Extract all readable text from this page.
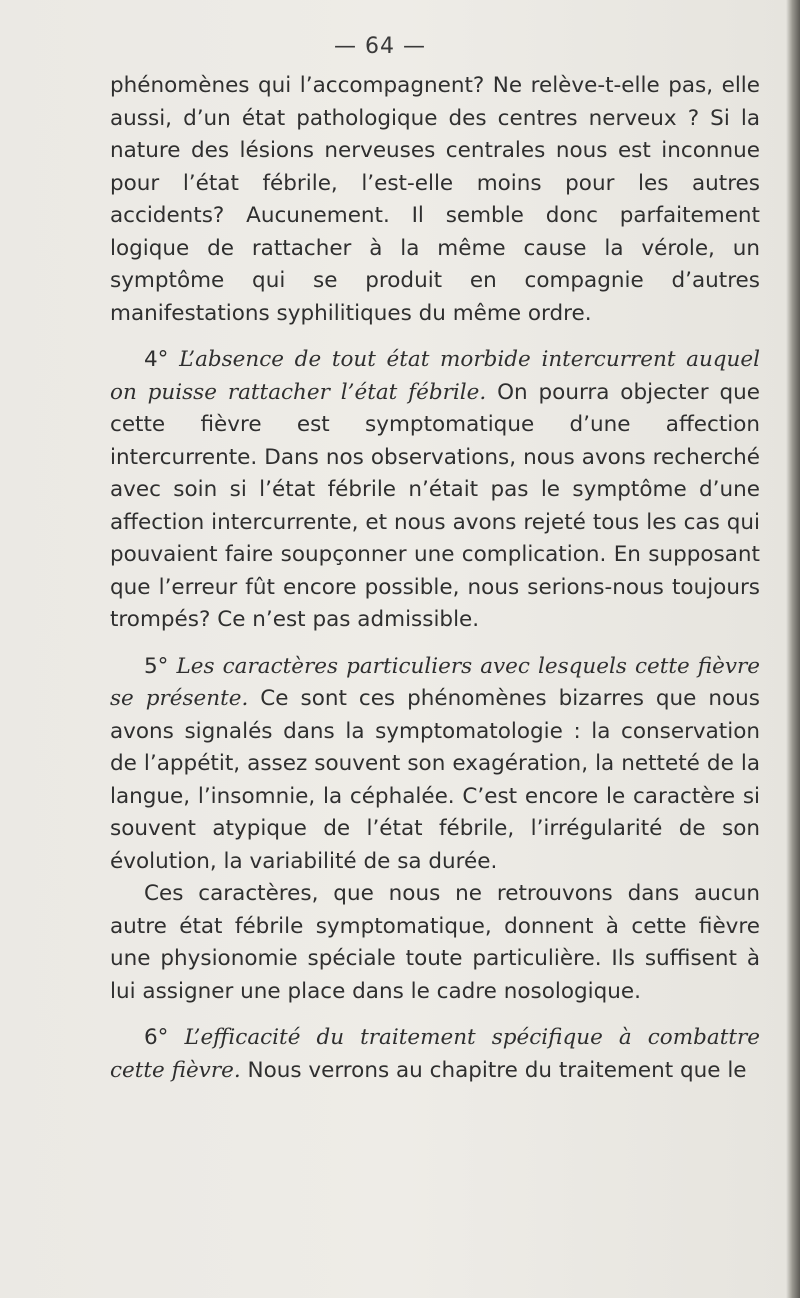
— 64 —

phénomènes qui l’accompagnent? Ne relève-t-elle pas, elle aussi, d’un état pathologique des centres nerveux ? Si la nature des lésions nerveuses centrales nous est inconnue pour l’état fébrile, l’est-elle moins pour les autres accidents? Aucunement. Il semble donc parfaitement logique de rattacher à la même cause la vérole, un symptôme qui se produit en compagnie d’autres manifestations syphilitiques du même ordre.

4° L’absence de tout état morbide intercurrent auquel on puisse rattacher l’état fébrile. On pourra objecter que cette fièvre est symptomatique d’une affection intercurrente. Dans nos observations, nous avons recherché avec soin si l’état fébrile n’était pas le symptôme d’une affection intercurrente, et nous avons rejeté tous les cas qui pouvaient faire soupçonner une complication. En supposant que l’erreur fût encore possible, nous serions-nous toujours trompés? Ce n’est pas admissible.

5° Les caractères particuliers avec lesquels cette fièvre se présente. Ce sont ces phénomènes bizarres que nous avons signalés dans la symptomatologie : la conservation de l’appétit, assez souvent son exagération, la netteté de la langue, l’insomnie, la céphalée. C’est encore le caractère si souvent atypique de l’état fébrile, l’irrégularité de son évolution, la variabilité de sa durée.

Ces caractères, que nous ne retrouvons dans aucun autre état fébrile symptomatique, donnent à cette fièvre une physionomie spéciale toute particulière. Ils suffisent à lui assigner une place dans le cadre nosologique.

6° L’efficacité du traitement spécifique à combattre cette fièvre. Nous verrons au chapitre du traitement que le
